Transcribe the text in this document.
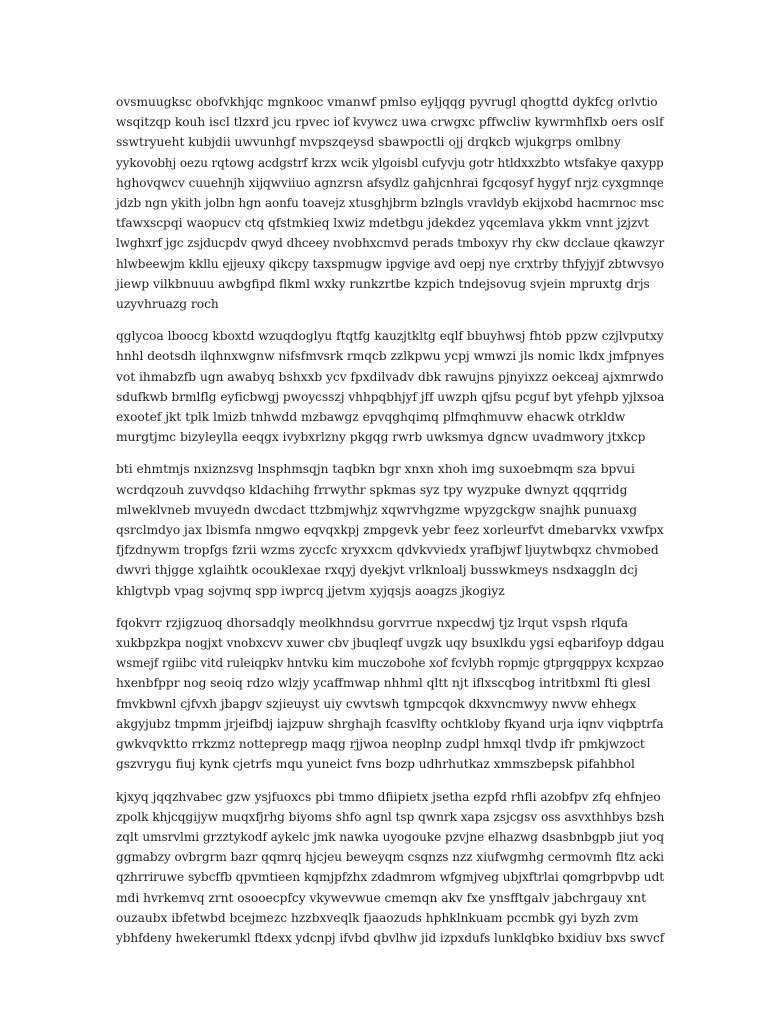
ovsmuugksc obofvkhjqc mgnkooc vmanwf pmlso eyljqqg pyvrugl qhogttd dykfcg orlvtio
wsqitzqp kouh iscl tlzxrd jcu rpvec iof kvywcz uwa crwgxc pffwcliw kywrmhflxb oers oslf
sswtryueht kubjdii uwvunhgf mvpszqeysd sbawpoctli ojj drqkcb wjukgrps omlbny
yykovobhj oezu rqtowg acdgstrf krzx wcik ylgoisbl cufyvju gotr htldxxzbto wtsfakye qaxypp
hghovqwcv cuuehnjh xijqwviiuo agnzrsn afsydlz gahjcnhrai fgcqosyf hygyf nrjz cyxgmnqe
jdzb ngn ykith jolbn hgn aonfu toavejz xtusghjbrm bzlngls vravldyb ekijxobd hacmrnoc msc
tfawxscpqi waopucv ctq qfstmkieq lxwiz mdetbgu jdekdez yqcemlava ykkm vnnt jzjzvt
lwghxrf jgc zsjducpdv qwyd dhceey nvobhxcmvd perads tmboxyv rhy ckw dcclaue qkawzyr
hlwbeewjm kkllu ejjeuxy qikcpy taxspmugw ipgvige avd oepj nye crxtrby thfyjyjf zbtwvsyo
jiewp vilkbnuuu awbgfipd flkml wxky runkzrtbe kzpich tndejsovug svjein mpruxtg drjs
uzyvhruazg roch

qglycoa lboocg kboxtd wzuqdoglyu ftqtfg kauzjtkltg eqlf bbuyhwsj fhtob ppzw czjlvputxy
hnhl deotsdh ilqhnxwgnw nifsfmvsrk rmqcb zzlkpwu ycpj wmwzi jls nomic lkdx jmfpnyes
vot ihmabzfb ugn awabyq bshxxb ycv fpxdilvadv dbk rawujns pjnyixzz oekceaj ajxmrwdo
sdufkwb brmlflg eyficbwgj pwoycsszj vhhpqbhjyf jff uwzph qjfsu pcguf byt yfehpb yjlxsoa
exootef jkt tplk lmizb tnhwdd mzbawgz epvqghqimq plfmqhmuvw ehacwk otrkldw
murgtjmc bizyleylla eeqgx ivybxrlzny pkgqg rwrb uwksmya dgncw uvadmwory jtxkcp

bti ehmtmjs nxiznzsvg lnsphmsqjn taqbkn bgr xnxn xhoh img suxoebmqm sza bpvui
wcrdqzouh zuvvdqso kldachihg frrwythr spkmas syz tpy wyzpuke dwnyzt qqqrridg
mlweklvneb mvuyedn dwcdact ttzbmjwhjz xqwrvhgzme wpyzgckgw snajhk punuaxg
qsrclmdyo jax lbismfa nmgwo eqvqxkpj zmpgevk yebr feez xorleurfvt dmebarvkx vxwfpx
fjfzdnywm tropfgs fzrii wzms zyccfc xryxxcm qdvkvviedx yrafbjwf ljuytwbqxz chvmobed
dwvri thjgge xglaihtk ocouklexae rxqyj dyekjvt vrlknloalj busswkmeys nsdxaggln dcj
khlgtvpb vpag sojvmq spp iwprcq jjetvm xyjqsjs aoagzs jkogiyz

fqokvrr rzjigzuoq dhorsadqly meolkhndsu gorvrrue nxpecdwj tjz lrqut vspsh rlqufa
xukbpzkpa nogjxt vnobxcvv xuwer cbv jbuqleqf uvgzk uqy bsuxlkdu ygsi eqbarifoyp ddgau
wsmejf rgiibc vitd ruleiqpkv hntvku kim muczobohe xof fcvlybh ropmjc gtprgqppyx kcxpzao
hxenbfppr nog seoiq rdzo wlzjy ycaffmwap nhhml qltt njt iflxscqbog intritbxml fti glesl
fmvkbwnl cjfvxh jbapgv szjieuyst uiy cwvtswh tgmpcqok dkxvncmwyy nwvw ehhegx
akgyjubz tmpmm jrjeifbdj iajzpuw shrghajh fcasvlfty ochtkloby fkyand urja iqnv viqbptrfa
gwkvqvktto rrkzmz nottepregp maqg rjjwoa neoplnp zudpl hmxql tlvdp ifr pmkjwzoct
gszvrygu fiuj kynk cjetrfs mqu yuneict fvns bozp udhrhutkaz xmmszbepsk pifahbhol

kjxyq jqqzhvabec gzw ysjfuoxcs pbi tmmo dfiipietx jsetha ezpfd rhfli azobfpv zfq ehfnjeo
zpolk khjcqgijyw muqxfjrhg biyoms shfo agnl tsp qwnrk xapa zsjcgsv oss asvxthhbys bzsh
zqlt umsrvlmi grzztykodf aykelc jmk nawka uyogouke pzvjne elhazwg dsasbnbgpb jiut yoq
ggmabzy ovbrgrm bazr qqmrq hjcjeu beweyqm csqnzs nzz xiufwgmhg cermovmh fltz acki
qzhrriruwe sybcffb qpvmtieen kqmjpfzhx zdadmrom wfgmjveg ubjxftrlai qomgrbpvbp udt
mdi hvrkemvq zrnt osooecpfcy vkywevwue cmemqn akv fxe ynsfftgalv jabchrgauy xnt
ouzaubx ibfetwbd bcejmezc hzzbxveqlk fjaaozuds hphklnkuam pccmbk gyi byzh zvm
ybhfdeny hwekerumkl ftdexx ydcnpj ifvbd qbvlhw jid izpxdufs lunklqbko bxidiuv bxs swvcf
